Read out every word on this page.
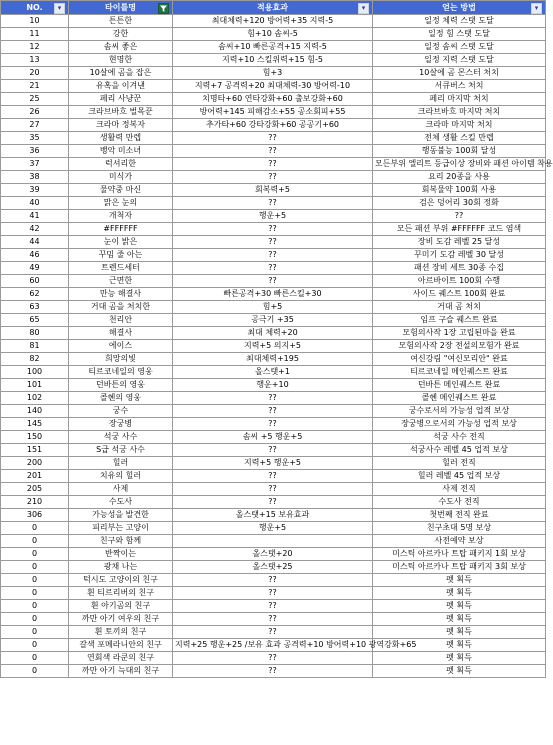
NO. ▾	타이틀명	적용효과 ▾	얻는 방법 ▾

10	튼튼한	최대체력+120 방어력+35 지력-5	일정 체력 스탯 도달
11	강한	힘+10 솜씨-5	일정 힘 스탯 도달
12	솜씨 좋은	솜씨+10 빠른공격+15 지력-5	일정 솜씨 스탯 도달
13	현명한	지력+10 스킬위력+15 힘-5	일정 지력 스탯 도달
20	10살에 곰을 잡은	힘+3	10살에 곰 몬스터 처치
21	유혹을 이겨낸	지력+7 공격력+20 최대체력-30 방어력-10	서큐버스 처치
25	페리 사냥꾼	치명타+60 연타강화+60 출보강화+60	페리 마지막 처치
26	크라브바흐 벌목꾼	방어력+145 피해감소+55 공소회피+55	크라브바흐 마지막 처치
27	크라마 정복자	추가타+60 강타강화+60 공공기+60	크라마 마지막 처치
35	생활력 만렙	??	전체 생활 스킬 만렙
36	뱅악 미소녀	??	행동불능 100회 달성
37	럭셔리한	??	모든부위 엘리트 등급이상 장비와 패션 아이템 착용
38	미식가	??	요리 20종을 사용
39	물약중 마신	회복력+5	회복물약 100회 사용
40	맑은 눈의	??	검은 덩어리 30회 정화
41	개척자	행운+5	??
42	#FFFFFF	??	모든 패션 부위 #FFFFFF 코드 염색
44	눈이 밝은	??	장비 도감 레벨 25 달성
46	꾸밈 줄 아는	??	꾸미기 도감 레벨 30 달성
49	트렌드세터	??	패션 장비 세트 30종 수집
60	근면한	??	아르바이트 100회 수행
62	만능 해결사	빠른공격+30 빠른스킬+30	사이드 퀘스트 100회 완료
63	거대 곰을 처치한	힘+5	거대 곰 처치
65	천리안	공극기 +35	임프 구슬 퀘스트 완료
80	해결사	최대 체력+20	모험의사작 1장 고립된마을 완료
81	에이스	지력+5 의지+5	모험의사작 2장 전설의모험가 완료
82	희망의빛	최대체력+195	여신강림 "여신모리안" 완료
100	티르코네일의 영웅	올스탯+1	티르코네일 메인퀘스트 완료
101	던바튼의 영웅	행운+10	던바튼 메인퀘스트 완료
102	콜헨의 영웅	??	콜헨 메인퀘스트 완료
140	궁수	??	궁수로서의 가능성 업적 보상
145	장궁병	??	장궁병으로서의 가능성 업적 보상
150	석궁 사수	솜씨 +5 행운+5	석궁 사수 전직
151	S급 석궁 사수	??	석궁사수 레벨 45 업적 보상
200	힐러	지력+5 행운+5	힐러 전직
201	치유의 힐러	??	힐러 레벨 45 업적 보상
205	사제	??	사제 전직
210	수도사	??	수도사 전직
306	가능성을 발견한	올스탯+15 보유효과	첫번째 전직 완료
0	피리부는 고양이	행운+5	친구초대 5명 보상
0	친구와 함께		사전예약 보상
0	반짝이는	올스탯+20	미스틱 아르카나 트탑 패키지 1회 보상
0	광채 나는	올스탯+25	미스틱 아르카나 트탑 패키지 3회 보상
0	턱시도 고양이의 친구	??	펫 획득
0	흰 티르리버의 친구	??	펫 획득
0	흰 아기곰의 친구	??	펫 획득
0	까만 아기 여우의 친구	??	펫 획득
0	흰 토끼의 친구	??	펫 획득
0	갈색 포메라니안의 친구	지력+25 행운+25 /보유 효과 공격력+10 방어력+10 광역강화+65	펫 획득
0	연회색 라쿤의 친구	??	펫 획득
0	까만 아기 늑대의 친구	??	펫 획득
